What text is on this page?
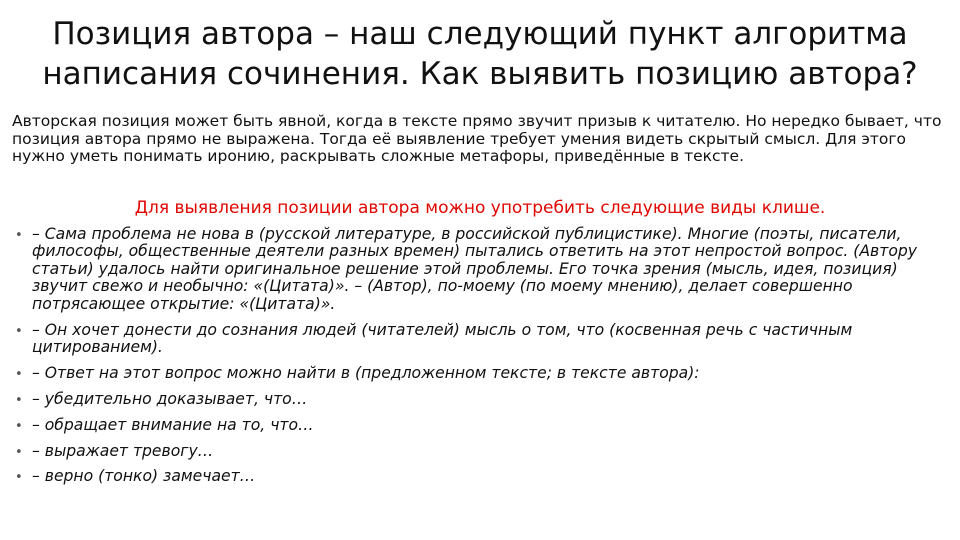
Позиция автора – наш следующий пункт алгоритма написания сочинения. Как выявить позицию автора?
Авторская позиция может быть явной, когда в тексте прямо звучит призыв к читателю. Но нередко бывает, что позиция автора прямо не выражена. Тогда её выявление требует умения видеть скрытый смысл. Для этого нужно уметь понимать иронию, раскрывать сложные метафоры, приведённые в тексте.
Для выявления позиции автора можно употребить следующие виды клише.
• – Сама проблема не нова в (русской литературе, в российской публицистике). Многие (поэты, писатели, философы, общественные деятели разных времен) пытались ответить на этот непростой вопрос. (Автору статьи) удалось найти оригинальное решение этой проблемы. Его точка зрения (мысль, идея, позиция) звучит свежо и необычно: «(Цитата)». – (Автор), по-моему (по моему мнению), делает совершенно потрясающее открытие: «(Цитата)».
• – Он хочет донести до сознания людей (читателей) мысль о том, что (косвенная речь с частичным цитированием).
• – Ответ на этот вопрос можно найти в (предложенном тексте; в тексте автора):
• – убедительно доказывает, что…
• – обращает внимание на то, что…
• – выражает тревогу…
• – верно (тонко) замечает…
